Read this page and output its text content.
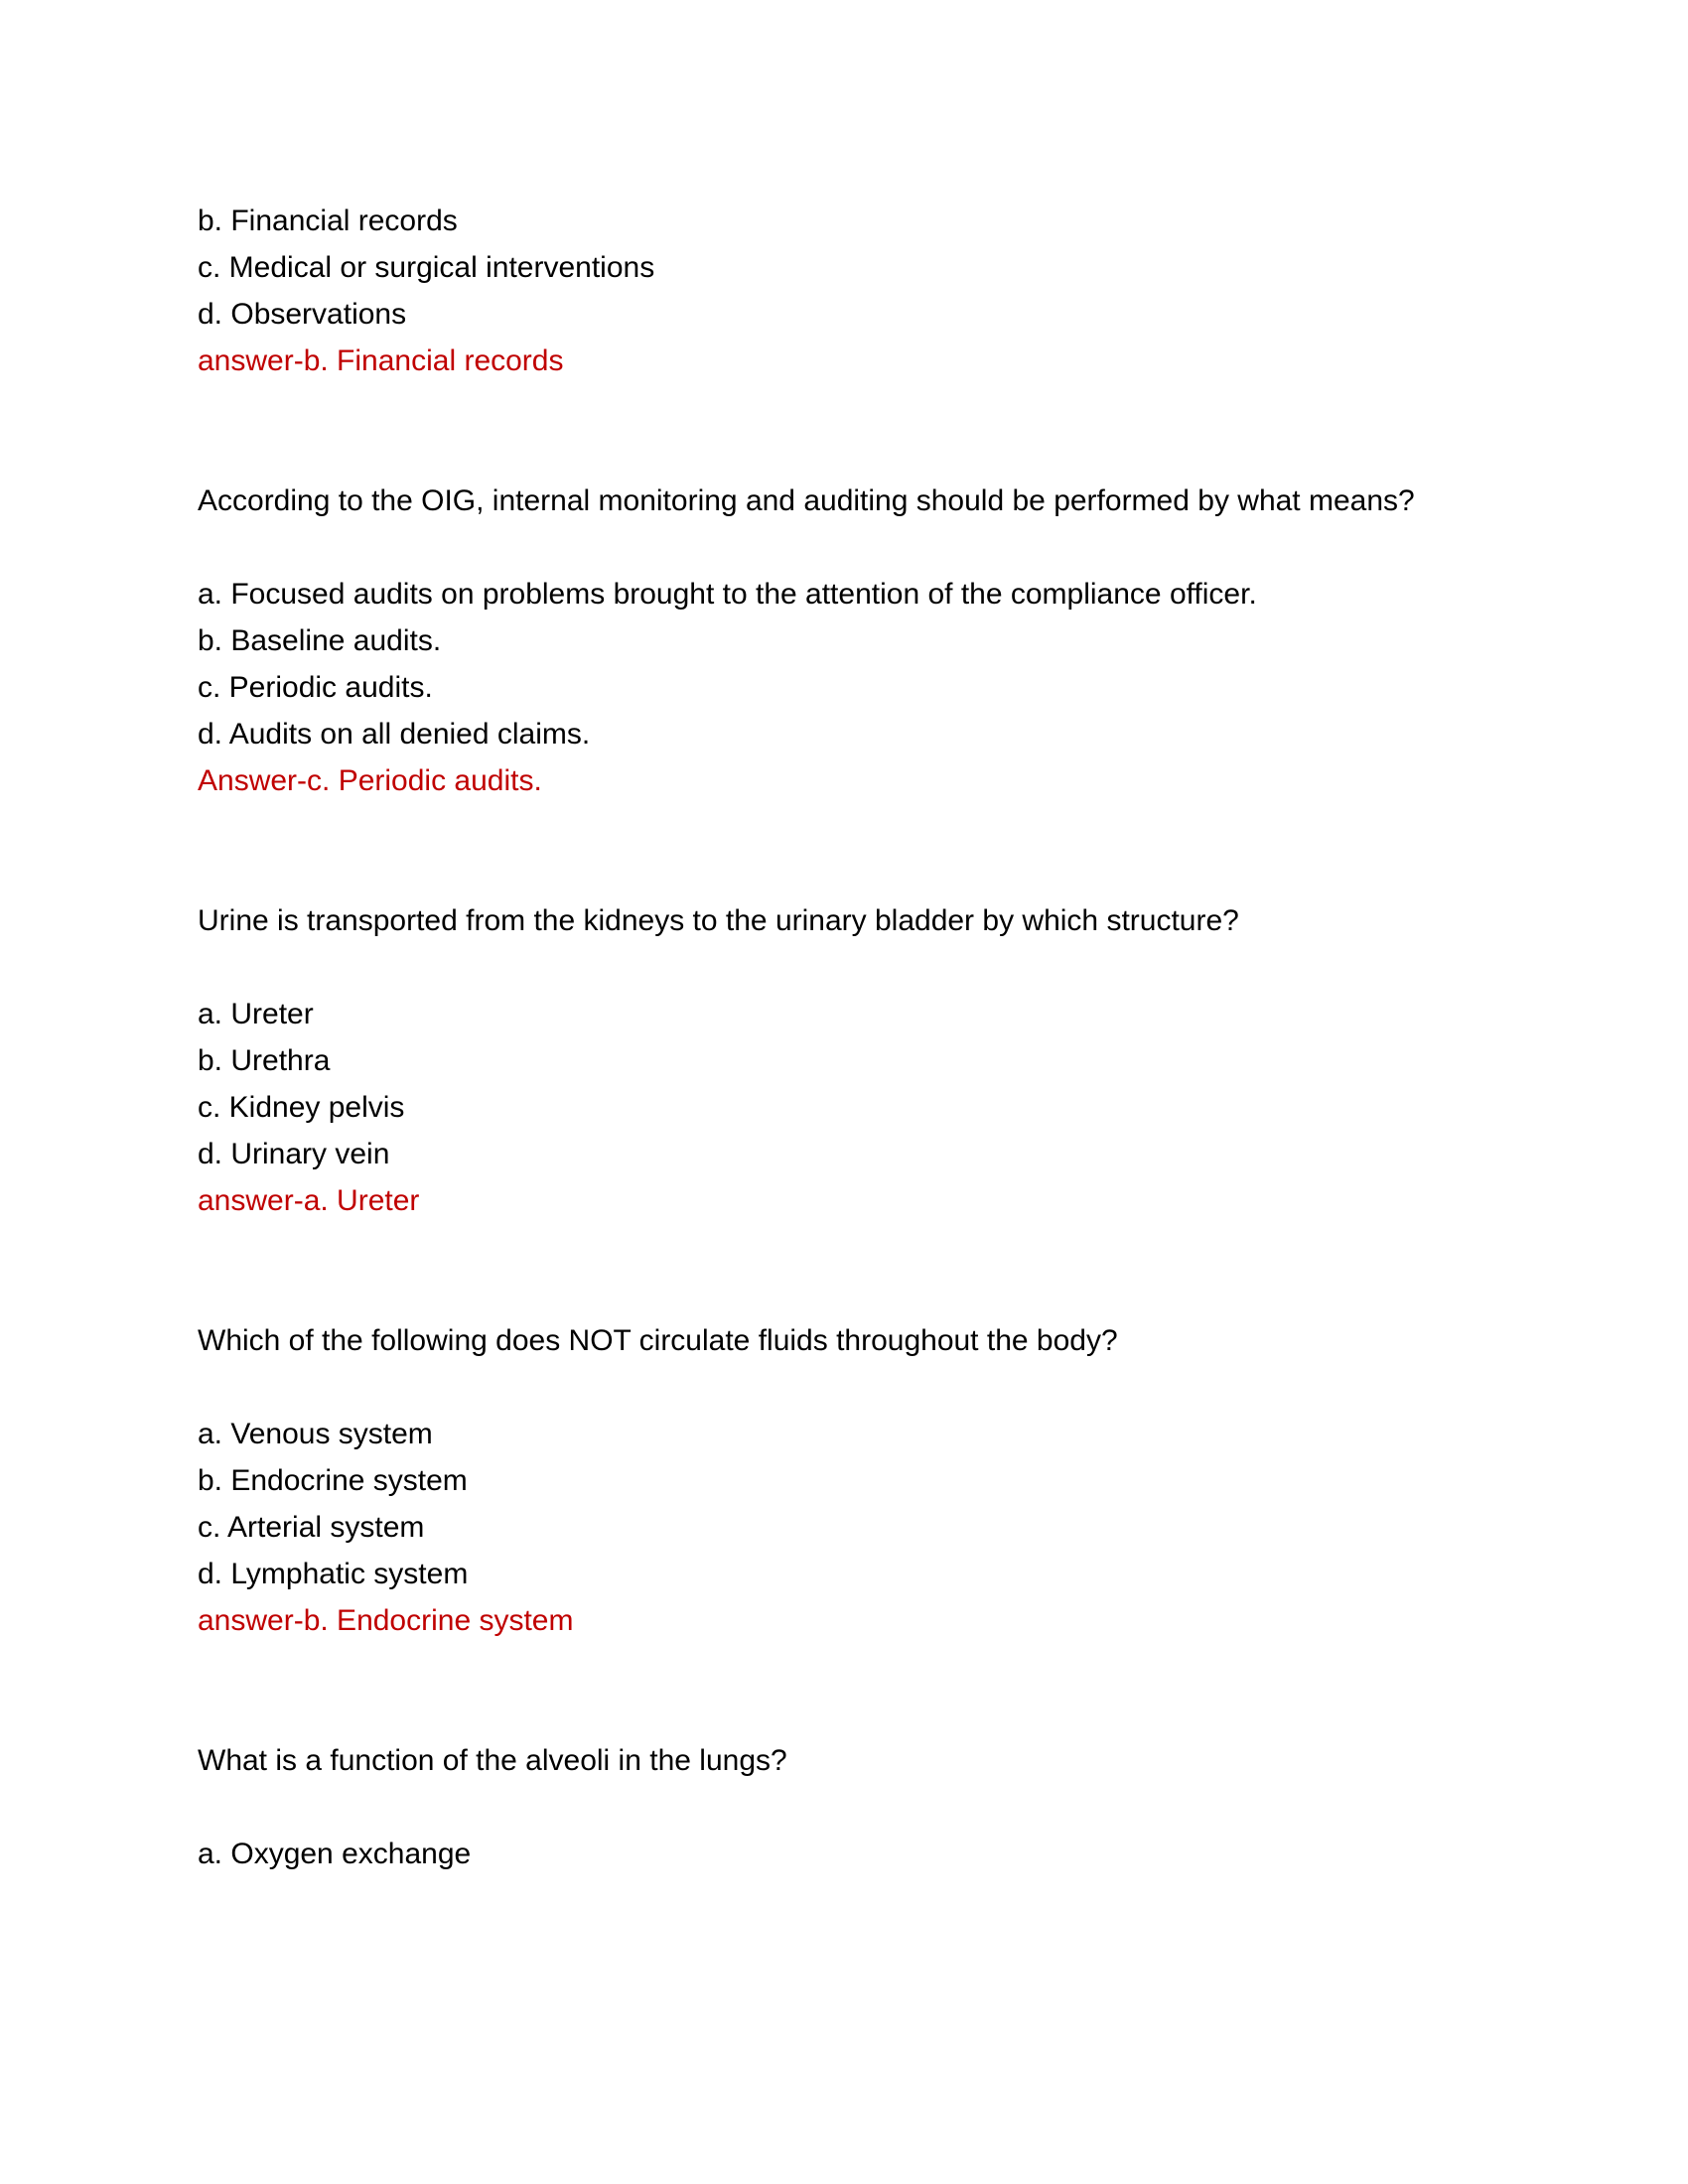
b. Financial records
c. Medical or surgical interventions
d. Observations
answer-b. Financial records
According to the OIG, internal monitoring and auditing should be performed by what means?
a. Focused audits on problems brought to the attention of the compliance officer.
b. Baseline audits.
c. Periodic audits.
d. Audits on all denied claims.
Answer-c. Periodic audits.
Urine is transported from the kidneys to the urinary bladder by which structure?
a. Ureter
b. Urethra
c. Kidney pelvis
d. Urinary vein
answer-a. Ureter
Which of the following does NOT circulate fluids throughout the body?
a. Venous system
b. Endocrine system
c. Arterial system
d. Lymphatic system
answer-b. Endocrine system
What is a function of the alveoli in the lungs?
a. Oxygen exchange
